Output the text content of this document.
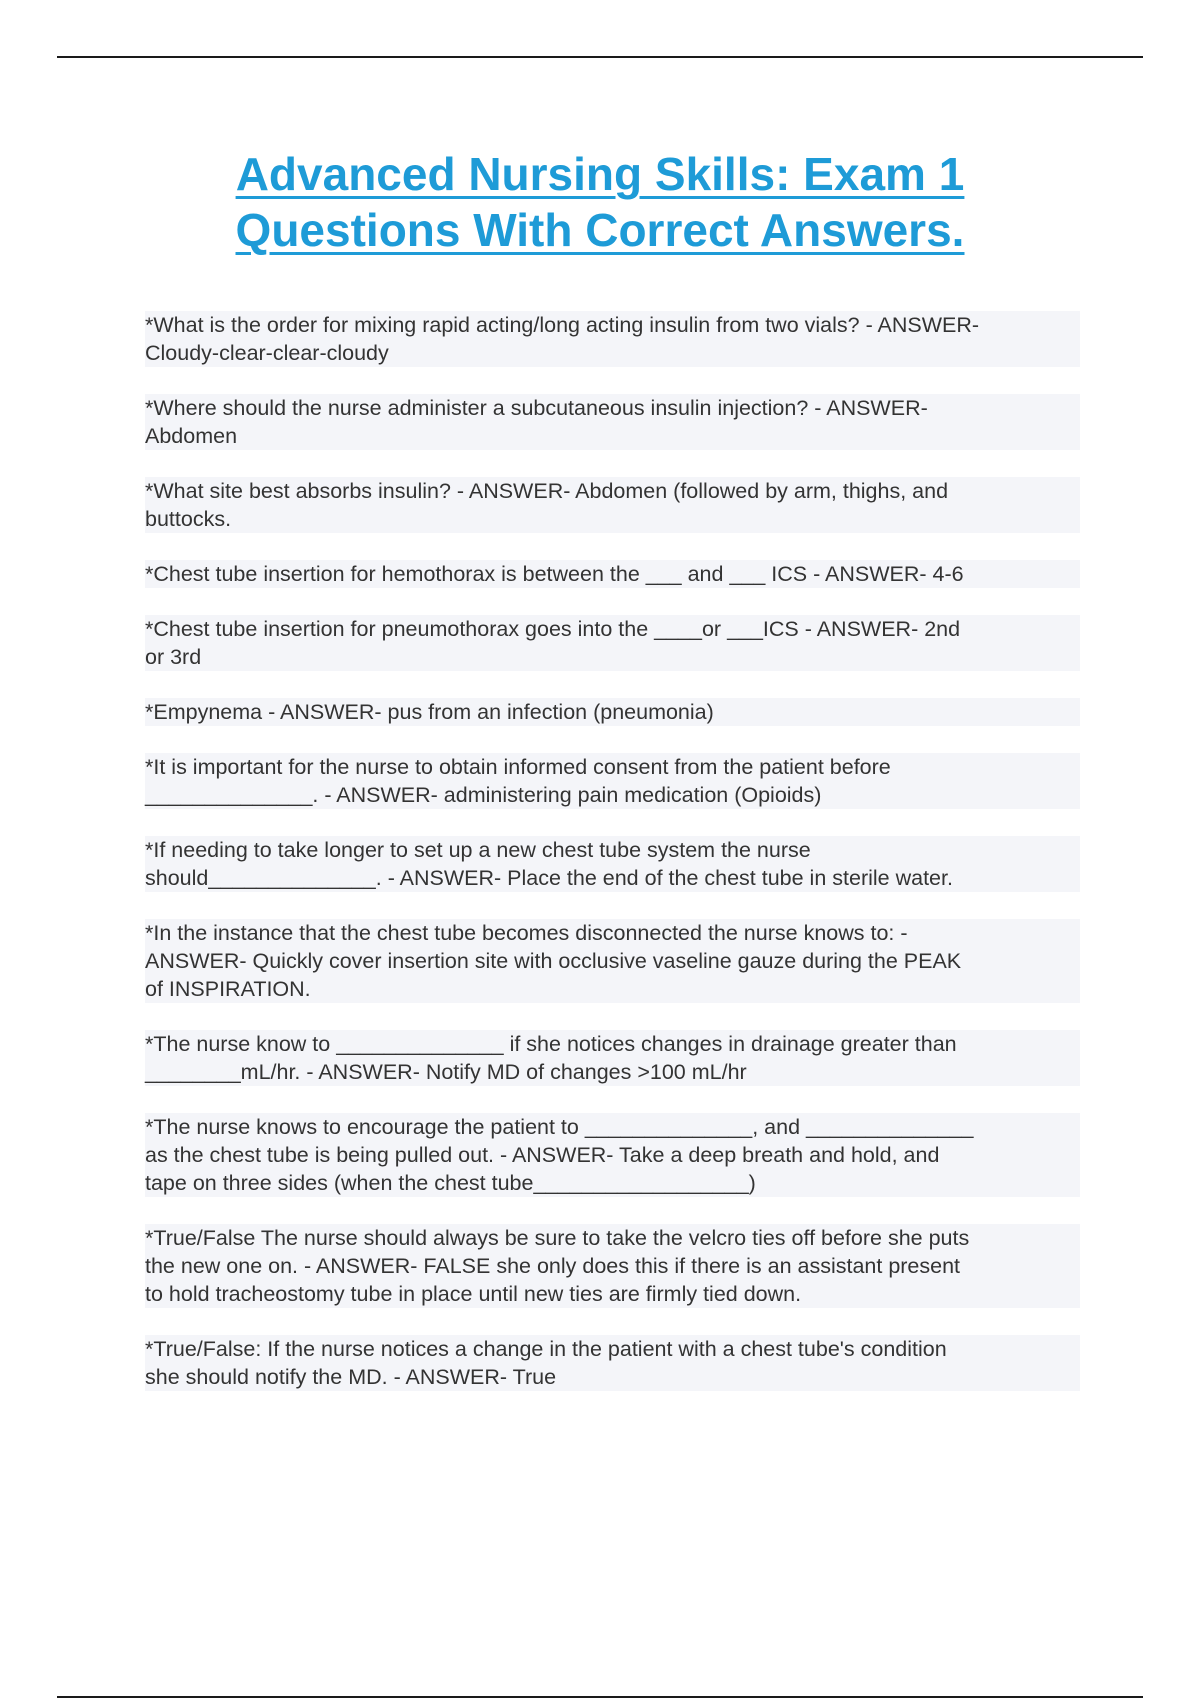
Advanced Nursing Skills: Exam 1
Questions With Correct Answers.
*What is the order for mixing rapid acting/long acting insulin from two vials? - ANSWER-
Cloudy-clear-clear-cloudy
*Where should the nurse administer a subcutaneous insulin injection? - ANSWER-
Abdomen
*What site best absorbs insulin? - ANSWER- Abdomen (followed by arm, thighs, and
buttocks.
*Chest tube insertion for hemothorax is between the ___ and ___ ICS - ANSWER- 4-6
*Chest tube insertion for pneumothorax goes into the ____or ___ICS - ANSWER- 2nd
or 3rd
*Empynema - ANSWER- pus from an infection (pneumonia)
*It is important for the nurse to obtain informed consent from the patient before
______________. - ANSWER- administering pain medication (Opioids)
*If needing to take longer to set up a new chest tube system the nurse
should______________. - ANSWER- Place the end of the chest tube in sterile water.
*In the instance that the chest tube becomes disconnected the nurse knows to: -
ANSWER- Quickly cover insertion site with occlusive vaseline gauze during the PEAK
of INSPIRATION.
*The nurse know to ______________ if she notices changes in drainage greater than
________mL/hr. - ANSWER- Notify MD of changes >100 mL/hr
*The nurse knows to encourage the patient to ______________, and ______________
as the chest tube is being pulled out. - ANSWER- Take a deep breath and hold, and
tape on three sides (when the chest tube__________________)
*True/False The nurse should always be sure to take the velcro ties off before she puts
the new one on. - ANSWER- FALSE she only does this if there is an assistant present
to hold tracheostomy tube in place until new ties are firmly tied down.
*True/False: If the nurse notices a change in the patient with a chest tube's condition
she should notify the MD. - ANSWER- True
